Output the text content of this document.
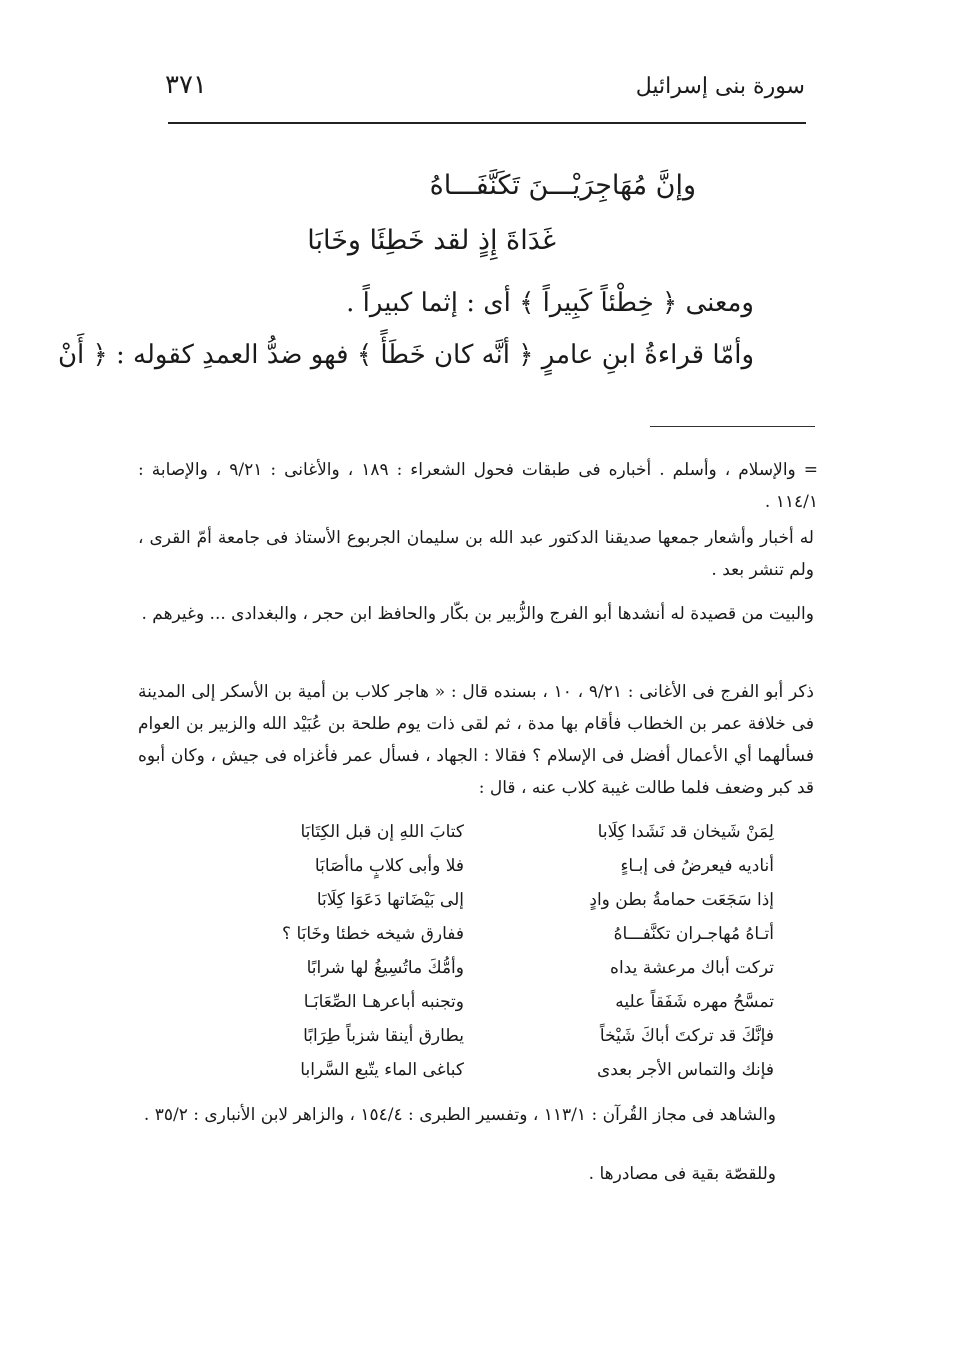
٣٧١	سورة بنى إسرائيل
وإنَّ مُهَاجِرَيْـــنَ تَكَنَّفَـــاهُ
غَدَاةَ إِذٍ لقد خَطِئَا وخَابَا
ومعنى ﴿ خِطْئاً كَبِيراً ﴾ أى : إثما كبيراً .
وأمّا قراءةُ ابنِ عامرٍ ﴿ أنَّه كان خَطَأً ﴾ فهو ضدُّ العمدِ كقوله : ﴿ أَنْ
= والإسلام ، وأسلم . أخباره فى طبقات فحول الشعراء : ١٨٩ ، والأغانى : ٩/٢١ ، والإصابة : ١١٤/١ .
له أخبار وأشعار جمعها صديقنا الدكتور عبد الله بن سليمان الجربوع الأستاذ فى جامعة أمّ القرى ، ولم تنشر بعد .
والبيت من قصيدة له أنشدها أبو الفرج والزُّبير بن بكّار والحافظ ابن حجر ، والبغدادى ... وغيرهم .
ذكر أبو الفرج فى الأغانى : ٩/٢١ ، ١٠ ، بسنده قال : « هاجر كلاب بن أمية بن الأسكر إلى المدينة فى خلافة عمر بن الخطاب فأقام بها مدة ، ثم لقى ذات يوم طلحة بن عُبَيْد الله والزبير بن العوام فسألهما أي الأعمال أفضل فى الإسلام ؟ فقالا : الجهاد ، فسأل عمر فأغزاه فى جيش ، وكان أبوه قد كبر وضعف فلما طالت غيبة كلاب عنه ، قال :
لِمَنْ شَيخان قد نَشَدا كِلَابا
كتابَ اللهِ إن قبل الكِتَابَا
أناديه فيعرضُ فى إبـاءٍ
فلا وأبى كلابٍ ماأصَابَا
إذا سَجَعَت حمامةُ بطن وادٍ
إلى بَيْضَاتها دَعَوَا كِلَابَا
أتـاهُ مُهاجـران تكنَّفـــاهُ
ففارق شيخه خطئا وخَابَا ؟
تركت أباك مرعشة يداه
وأمُّكَ ماتُسِيغُ لها شرابًا
تمسَّحُ مهره شَفَقاً عليه
وتجنبه أباعرهـا الصِّعَابَـا
فإنَّكَ قد تركتَ أباكَ شَيْخاً
يطارق أينقا شزباً طِرَابًا
فإنك والتماس الأجر بعدى
كباغى الماء يتّبع السَّرابا
والشاهد فى مجاز القُرآن : ١١٣/١ ، وتفسير الطبرى : ١٥٤/٤ ، والزاهر لابن الأنبارى : ٣٥/٢ .
وللقصّة بقية فى مصادرها .
